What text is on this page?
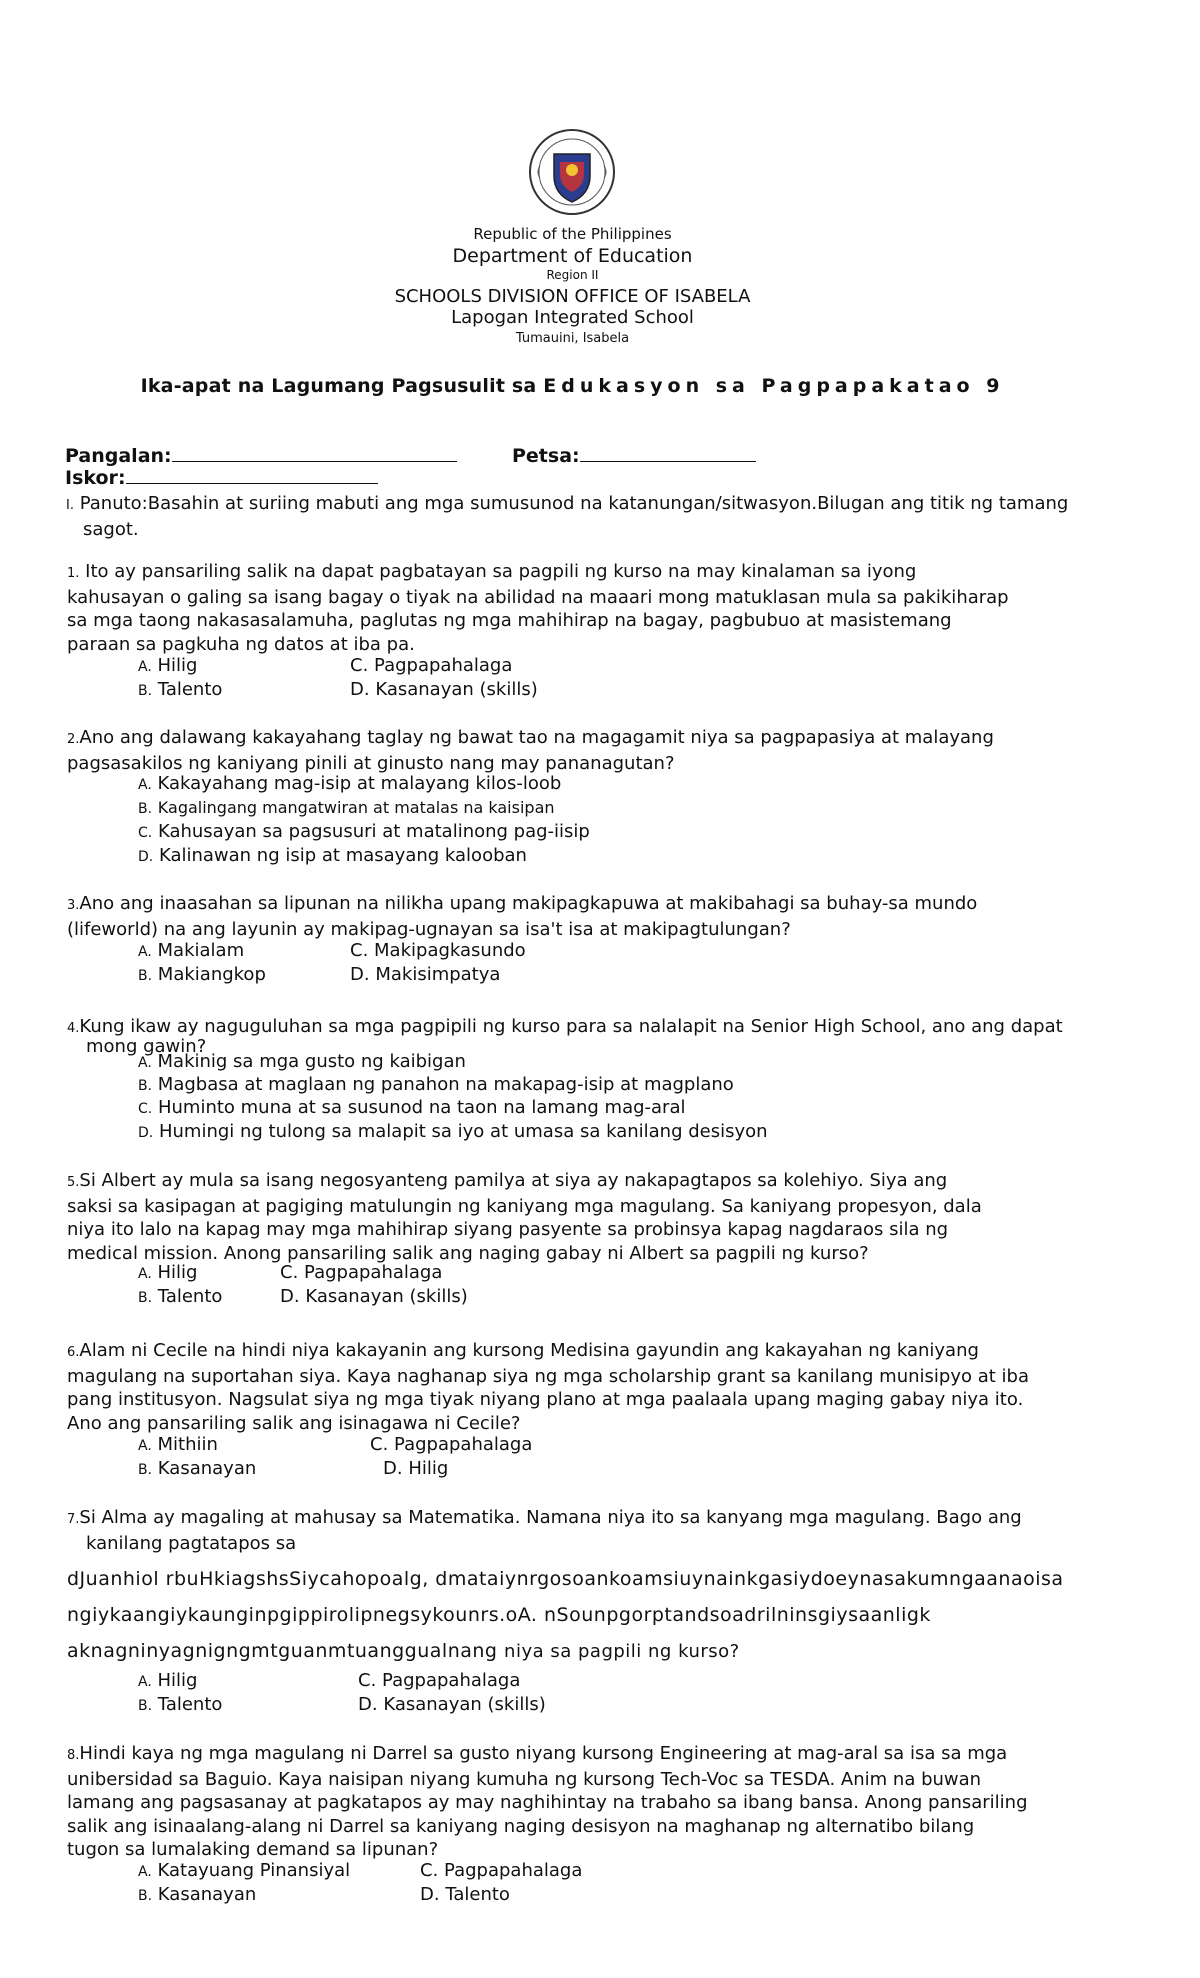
Republic of the Philippines
Department of Education
Region II
SCHOOLS DIVISION OFFICE OF ISABELA
Lapogan Integrated School
Tumauini, Isabela
Ika-apat na Lagumang Pagsusulit sa Edukasyon sa Pagpapakatao 9
Pangalan:	Petsa:
Iskor:
I. Panuto:Basahin at suriing mabuti ang mga sumusunod na katanungan/sitwasyon.Bilugan ang titik ng tamang
sagot.
1. Ito ay pansariling salik na dapat pagbatayan sa pagpili ng kurso na may kinalaman sa iyong
kahusayan o galing sa isang bagay o tiyak na abilidad na maaari mong matuklasan mula sa pakikiharap
sa mga taong nakasasalamuha, paglutas ng mga mahihirap na bagay, pagbubuo at masistemang
paraan sa pagkuha ng datos at iba pa.
A. Hilig	C. Pagpapahalaga
B. Talento	D. Kasanayan (skills)
2.Ano ang dalawang kakayahang taglay ng bawat tao na magagamit niya sa pagpapasiya at malayang
pagsasakilos ng kaniyang pinili at ginusto nang may pananagutan?
A. Kakayahang mag-isip at malayang kilos-loob
B. Kagalingang mangatwiran at matalas na kaisipan
C. Kahusayan sa pagsusuri at matalinong pag-iisip
D. Kalinawan ng isip at masayang kalooban
3.Ano ang inaasahan sa lipunan na nilikha upang makipagkapuwa at makibahagi sa buhay-sa mundo
(lifeworld) na ang layunin ay makipag-ugnayan sa isa't isa at makipagtulungan?
A. Makialam	C. Makipagkasundo
B. Makiangkop	D. Makisimpatya
4.Kung ikaw ay naguguluhan sa mga pagpipili ng kurso para sa nalalapit na Senior High School, ano ang dapat
mong gawin?
A. Makinig sa mga gusto ng kaibigan
B. Magbasa at maglaan ng panahon na makapag-isip at magplano
C. Huminto muna at sa susunod na taon na lamang mag-aral
D. Humingi ng tulong sa malapit sa iyo at umasa sa kanilang desisyon
5.Si Albert ay mula sa isang negosyanteng pamilya at siya ay nakapagtapos sa kolehiyo. Siya ang
saksi sa kasipagan at pagiging matulungin ng kaniyang mga magulang. Sa kaniyang propesyon, dala
niya ito lalo na kapag may mga mahihirap siyang pasyente sa probinsya kapag nagdaraos sila ng
medical mission. Anong pansariling salik ang naging gabay ni Albert sa pagpili ng kurso?
A. Hilig	C. Pagpapahalaga
B. Talento	D. Kasanayan (skills)
6.Alam ni Cecile na hindi niya kakayanin ang kursong Medisina gayundin ang kakayahan ng kaniyang
magulang na suportahan siya. Kaya naghanap siya ng mga scholarship grant sa kanilang munisipyo at iba
pang institusyon. Nagsulat siya ng mga tiyak niyang plano at mga paalaala upang maging gabay niya ito.
Ano ang pansariling salik ang isinagawa ni Cecile?
A. Mithiin	C. Pagpapahalaga
B. Kasanayan	D. Hilig
7.Si Alma ay magaling at mahusay sa Matematika. Namana niya ito sa kanyang mga magulang. Bago ang
kanilang pagtatapos sa
dJuanhiol rbuHkiagshsSiycahopoalg, dmataiynrgosoankoamsiuynainkgasiydoeynasakumngaanaoisa
ngiykaangiykaunginpgippirolipnegsykounrs.oA. nSounpgorptandsoadrilninsgiysaanligk
aknagninyagnigngmtguanmtuanggualnang niya sa pagpili ng kurso?
A. Hilig	C. Pagpapahalaga
B. Talento	D. Kasanayan (skills)
8.Hindi kaya ng mga magulang ni Darrel sa gusto niyang kursong Engineering at mag-aral sa isa sa mga
unibersidad sa Baguio. Kaya naisipan niyang kumuha ng kursong Tech-Voc sa TESDA. Anim na buwan
lamang ang pagsasanay at pagkatapos ay may naghihintay na trabaho sa ibang bansa. Anong pansariling
salik ang isinaalang-alang ni Darrel sa kaniyang naging desisyon na maghanap ng alternatibo bilang
tugon sa lumalaking demand sa lipunan?
A. Katayuang Pinansiyal	C. Pagpapahalaga
B. Kasanayan	D. Talento
